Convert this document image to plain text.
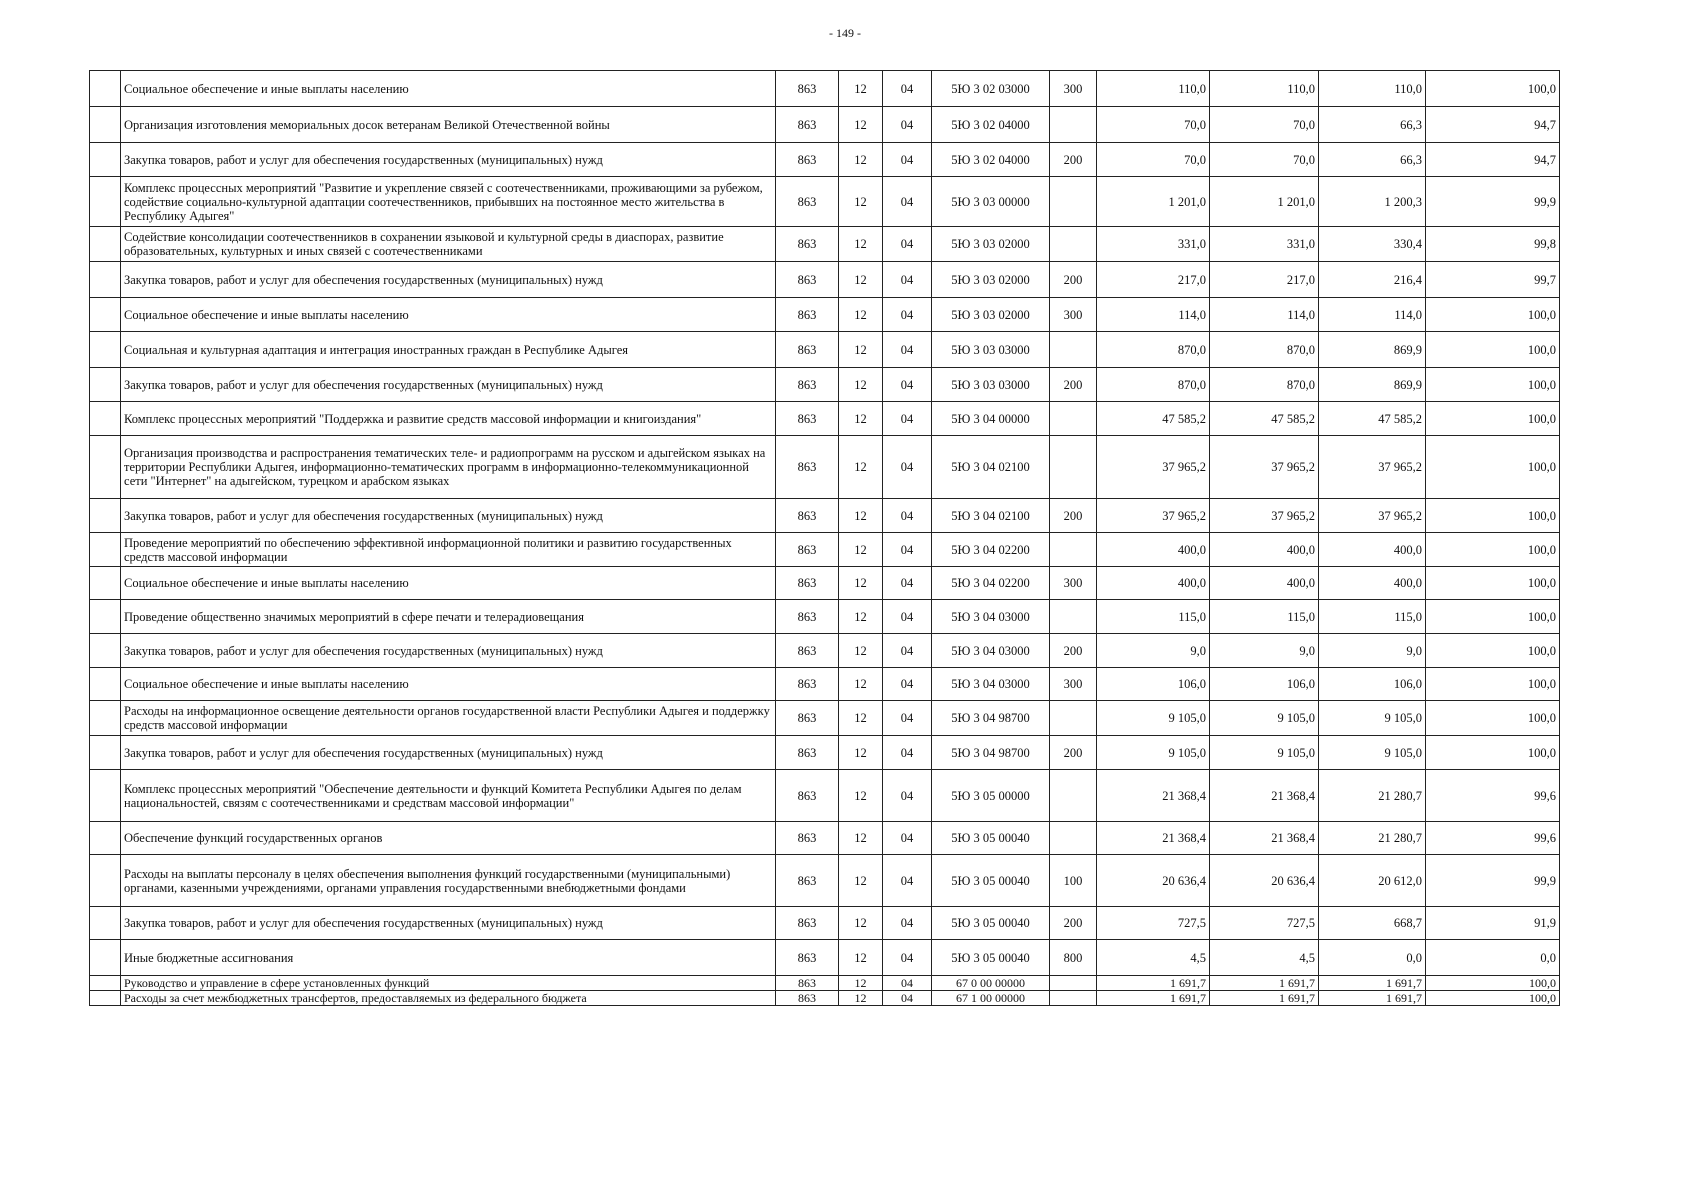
- 149 -
	Социальное обеспечение и иные выплаты населению	863	12	04	5Ю 3 02 03000	300	110,0	110,0	110,0	100,0
	Организация изготовления мемориальных досок ветеранам Великой Отечественной войны	863	12	04	5Ю 3 02 04000		70,0	70,0	66,3	94,7
	Закупка товаров, работ и услуг для обеспечения государственных (муниципальных) нужд	863	12	04	5Ю 3 02 04000	200	70,0	70,0	66,3	94,7
	Комплекс процессных мероприятий "Развитие и укрепление связей с соотечественниками, проживающими за рубежом, содействие социально-культурной адаптации соотечественников, прибывших на постоянное место жительства в Республику Адыгея"	863	12	04	5Ю 3 03 00000		1 201,0	1 201,0	1 200,3	99,9
	Содействие консолидации соотечественников в сохранении языковой и культурной среды в диаспорах, развитие образовательных, культурных и иных связей с соотечественниками	863	12	04	5Ю 3 03 02000		331,0	331,0	330,4	99,8
	Закупка товаров, работ и услуг для обеспечения государственных (муниципальных) нужд	863	12	04	5Ю 3 03 02000	200	217,0	217,0	216,4	99,7
	Социальное обеспечение и иные выплаты населению	863	12	04	5Ю 3 03 02000	300	114,0	114,0	114,0	100,0
	Социальная и культурная адаптация и интеграция иностранных граждан в Республике Адыгея	863	12	04	5Ю 3 03 03000		870,0	870,0	869,9	100,0
	Закупка товаров, работ и услуг для обеспечения государственных (муниципальных) нужд	863	12	04	5Ю 3 03 03000	200	870,0	870,0	869,9	100,0
	Комплекс процессных мероприятий "Поддержка и развитие средств массовой информации и книгоиздания"	863	12	04	5Ю 3 04 00000		47 585,2	47 585,2	47 585,2	100,0
	Организация производства и распространения тематических теле- и радиопрограмм на русском и адыгейском языках на территории Республики Адыгея, информационно-тематических программ в информационно-телекоммуникационной сети "Интернет" на адыгейском, турецком и арабском языках	863	12	04	5Ю 3 04 02100		37 965,2	37 965,2	37 965,2	100,0
	Закупка товаров, работ и услуг для обеспечения государственных (муниципальных) нужд	863	12	04	5Ю 3 04 02100	200	37 965,2	37 965,2	37 965,2	100,0
	Проведение мероприятий по обеспечению эффективной информационной политики и развитию государственных средств массовой информации	863	12	04	5Ю 3 04 02200		400,0	400,0	400,0	100,0
	Социальное обеспечение и иные выплаты населению	863	12	04	5Ю 3 04 02200	300	400,0	400,0	400,0	100,0
	Проведение общественно значимых мероприятий в сфере печати и телерадиовещания	863	12	04	5Ю 3 04 03000		115,0	115,0	115,0	100,0
	Закупка товаров, работ и услуг для обеспечения государственных (муниципальных) нужд	863	12	04	5Ю 3 04 03000	200	9,0	9,0	9,0	100,0
	Социальное обеспечение и иные выплаты населению	863	12	04	5Ю 3 04 03000	300	106,0	106,0	106,0	100,0
	Расходы на информационное освещение деятельности органов государственной власти Республики Адыгея и поддержку средств массовой информации	863	12	04	5Ю 3 04 98700		9 105,0	9 105,0	9 105,0	100,0
	Закупка товаров, работ и услуг для обеспечения государственных (муниципальных) нужд	863	12	04	5Ю 3 04 98700	200	9 105,0	9 105,0	9 105,0	100,0
	Комплекс процессных мероприятий "Обеспечение деятельности и функций Комитета Республики Адыгея по делам национальностей, связям с соотечественниками и средствам массовой информации"	863	12	04	5Ю 3 05 00000		21 368,4	21 368,4	21 280,7	99,6
	Обеспечение функций государственных органов	863	12	04	5Ю 3 05 00040		21 368,4	21 368,4	21 280,7	99,6
	Расходы на выплаты персоналу в целях обеспечения выполнения функций государственными (муниципальными) органами, казенными учреждениями, органами управления государственными внебюджетными фондами	863	12	04	5Ю 3 05 00040	100	20 636,4	20 636,4	20 612,0	99,9
	Закупка товаров, работ и услуг для обеспечения государственных (муниципальных) нужд	863	12	04	5Ю 3 05 00040	200	727,5	727,5	668,7	91,9
	Иные бюджетные ассигнования	863	12	04	5Ю 3 05 00040	800	4,5	4,5	0,0	0,0
	Руководство и управление в сфере установленных функций	863	12	04	67 0 00 00000		1 691,7	1 691,7	1 691,7	100,0
	Расходы за счет межбюджетных трансфертов, предоставляемых из федерального бюджета	863	12	04	67 1 00 00000		1 691,7	1 691,7	1 691,7	100,0
